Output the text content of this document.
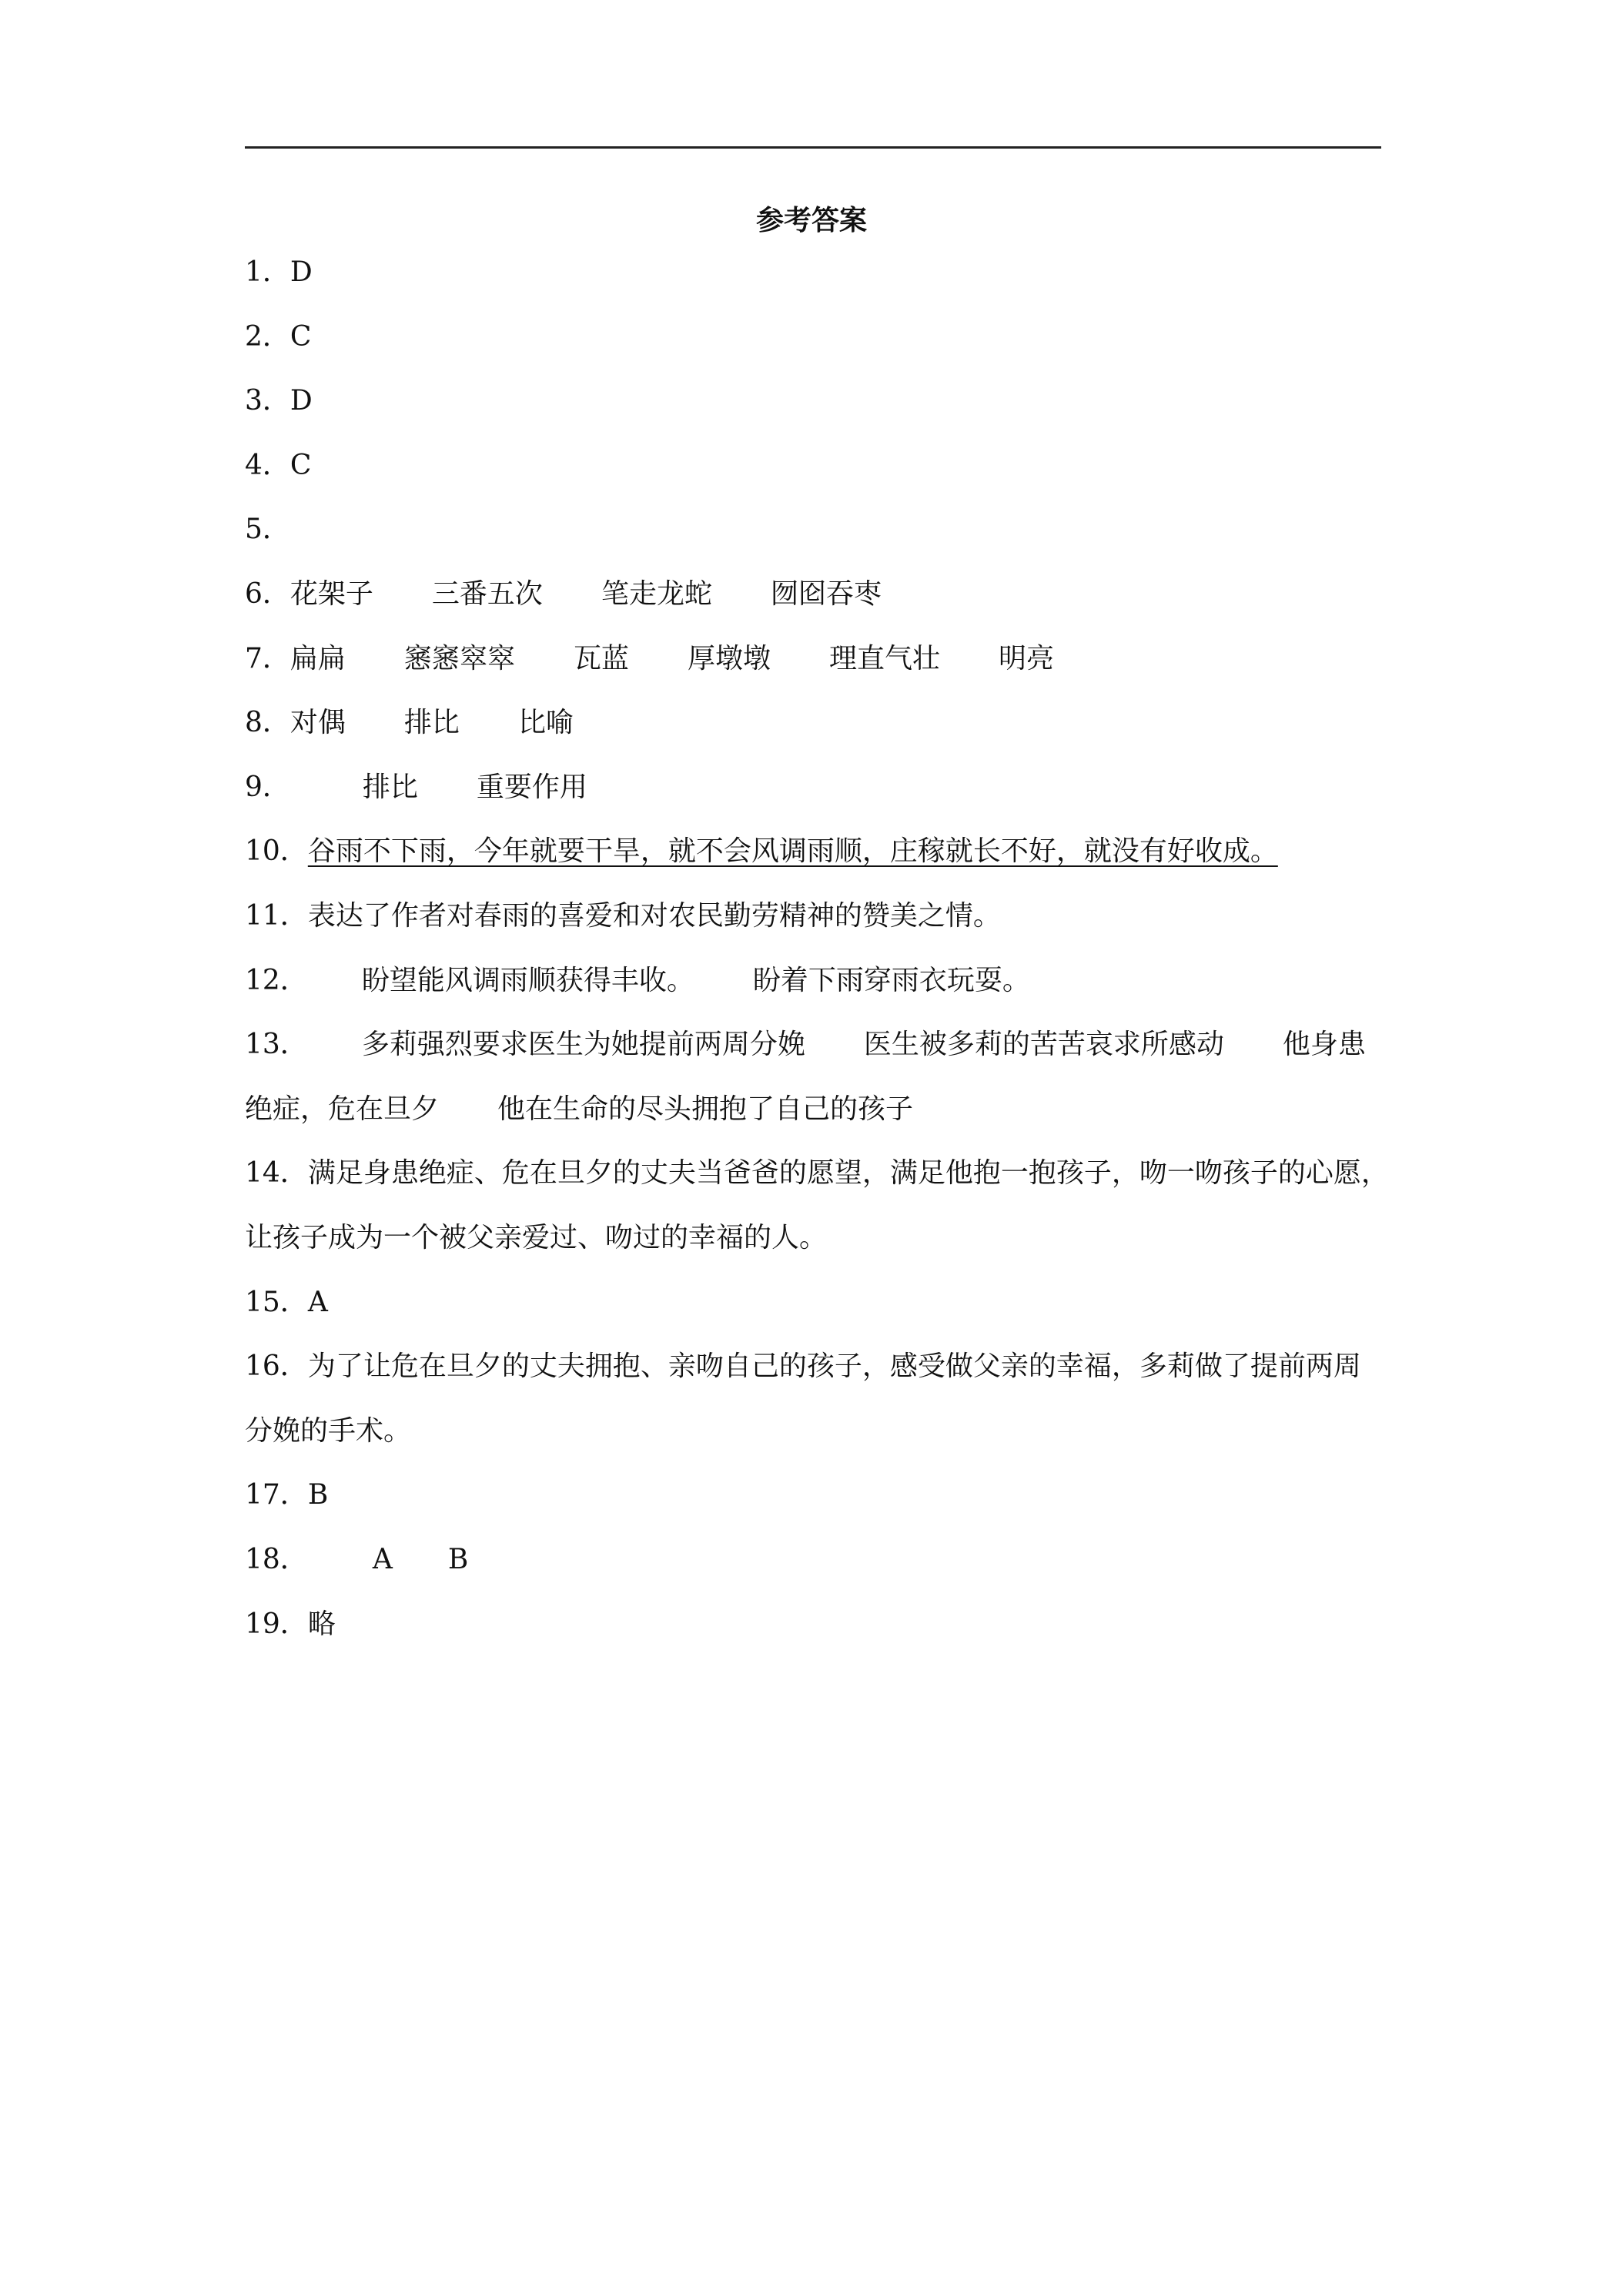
参考答案
1．D
2．C
3．D
4．C
5．
6．花架子 三番五次 笔走龙蛇 囫囵吞枣
7．扁扁 窸窸窣窣 瓦蓝 厚墩墩 理直气壮 明亮
8．对偶 排比 比喻
9．	排比 重要作用
10．谷雨不下雨，今年就要干旱，就不会风调雨顺，庄稼就长不好，就没有好收成。
11．表达了作者对春雨的喜爱和对农民勤劳精神的赞美之情。
12． 盼望能风调雨顺获得丰收。 盼着下雨穿雨衣玩耍。
13． 多莉强烈要求医生为她提前两周分娩 医生被多莉的苦苦哀求所感动 他身患
绝症，危在旦夕 他在生命的尽头拥抱了自己的孩子
14．满足身患绝症、危在旦夕的丈夫当爸爸的愿望，满足他抱一抱孩子，吻一吻孩子的心愿，
让孩子成为一个被父亲爱过、吻过的幸福的人。
15．A
16．为了让危在旦夕的丈夫拥抱、亲吻自己的孩子，感受做父亲的幸福，多莉做了提前两周
分娩的手术。
17．B
18． A B
19．略
